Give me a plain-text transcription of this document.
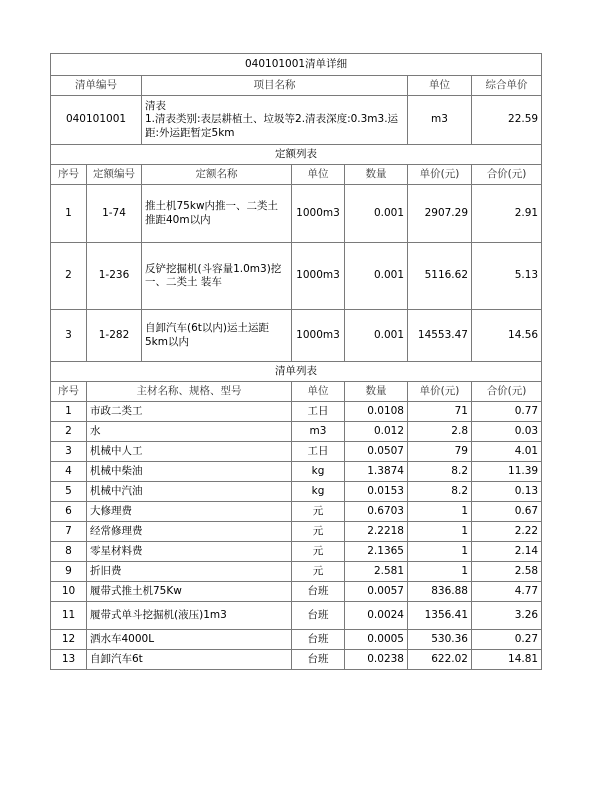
040101001清单详细						
清单编号		项目名称			单位	综合单价
040101001		清表
1.清表类别:表层耕植土、垃圾等2.清表深度:0.3m3.运距:外运距暂定5km			m3	22.59
定额列表						
序号	定额编号	定额名称	单位	数量	单价(元)	合价(元)
1	1-74	推土机75kw内推一、二类土推距40m以内	1000m3	0.001	2907.29	2.91
2	1-236	反铲挖掘机(斗容量1.0m3)挖一、二类土 装车	1000m3	0.001	5116.62	5.13
3	1-282	自卸汽车(6t以内)运土运距5km以内	1000m3	0.001	14553.47	14.56
清单列表						
序号	主材名称、规格、型号		单位	数量	单价(元)	合价(元)
1	市政二类工		工日	0.0108	71	0.77
2	水		m3	0.012	2.8	0.03
3	机械中人工		工日	0.0507	79	4.01
4	机械中柴油		kg	1.3874	8.2	11.39
5	机械中汽油		kg	0.0153	8.2	0.13
6	大修理费		元	0.6703	1	0.67
7	经常修理费		元	2.2218	1	2.22
8	零星材料费		元	2.1365	1	2.14
9	折旧费		元	2.581	1	2.58
10	履带式推土机75Kw		台班	0.0057	836.88	4.77
11	履带式单斗挖掘机(液压)1m3		台班	0.0024	1356.41	3.26
12	洒水车4000L		台班	0.0005	530.36	0.27
13	自卸汽车6t		台班	0.0238	622.02	14.81
